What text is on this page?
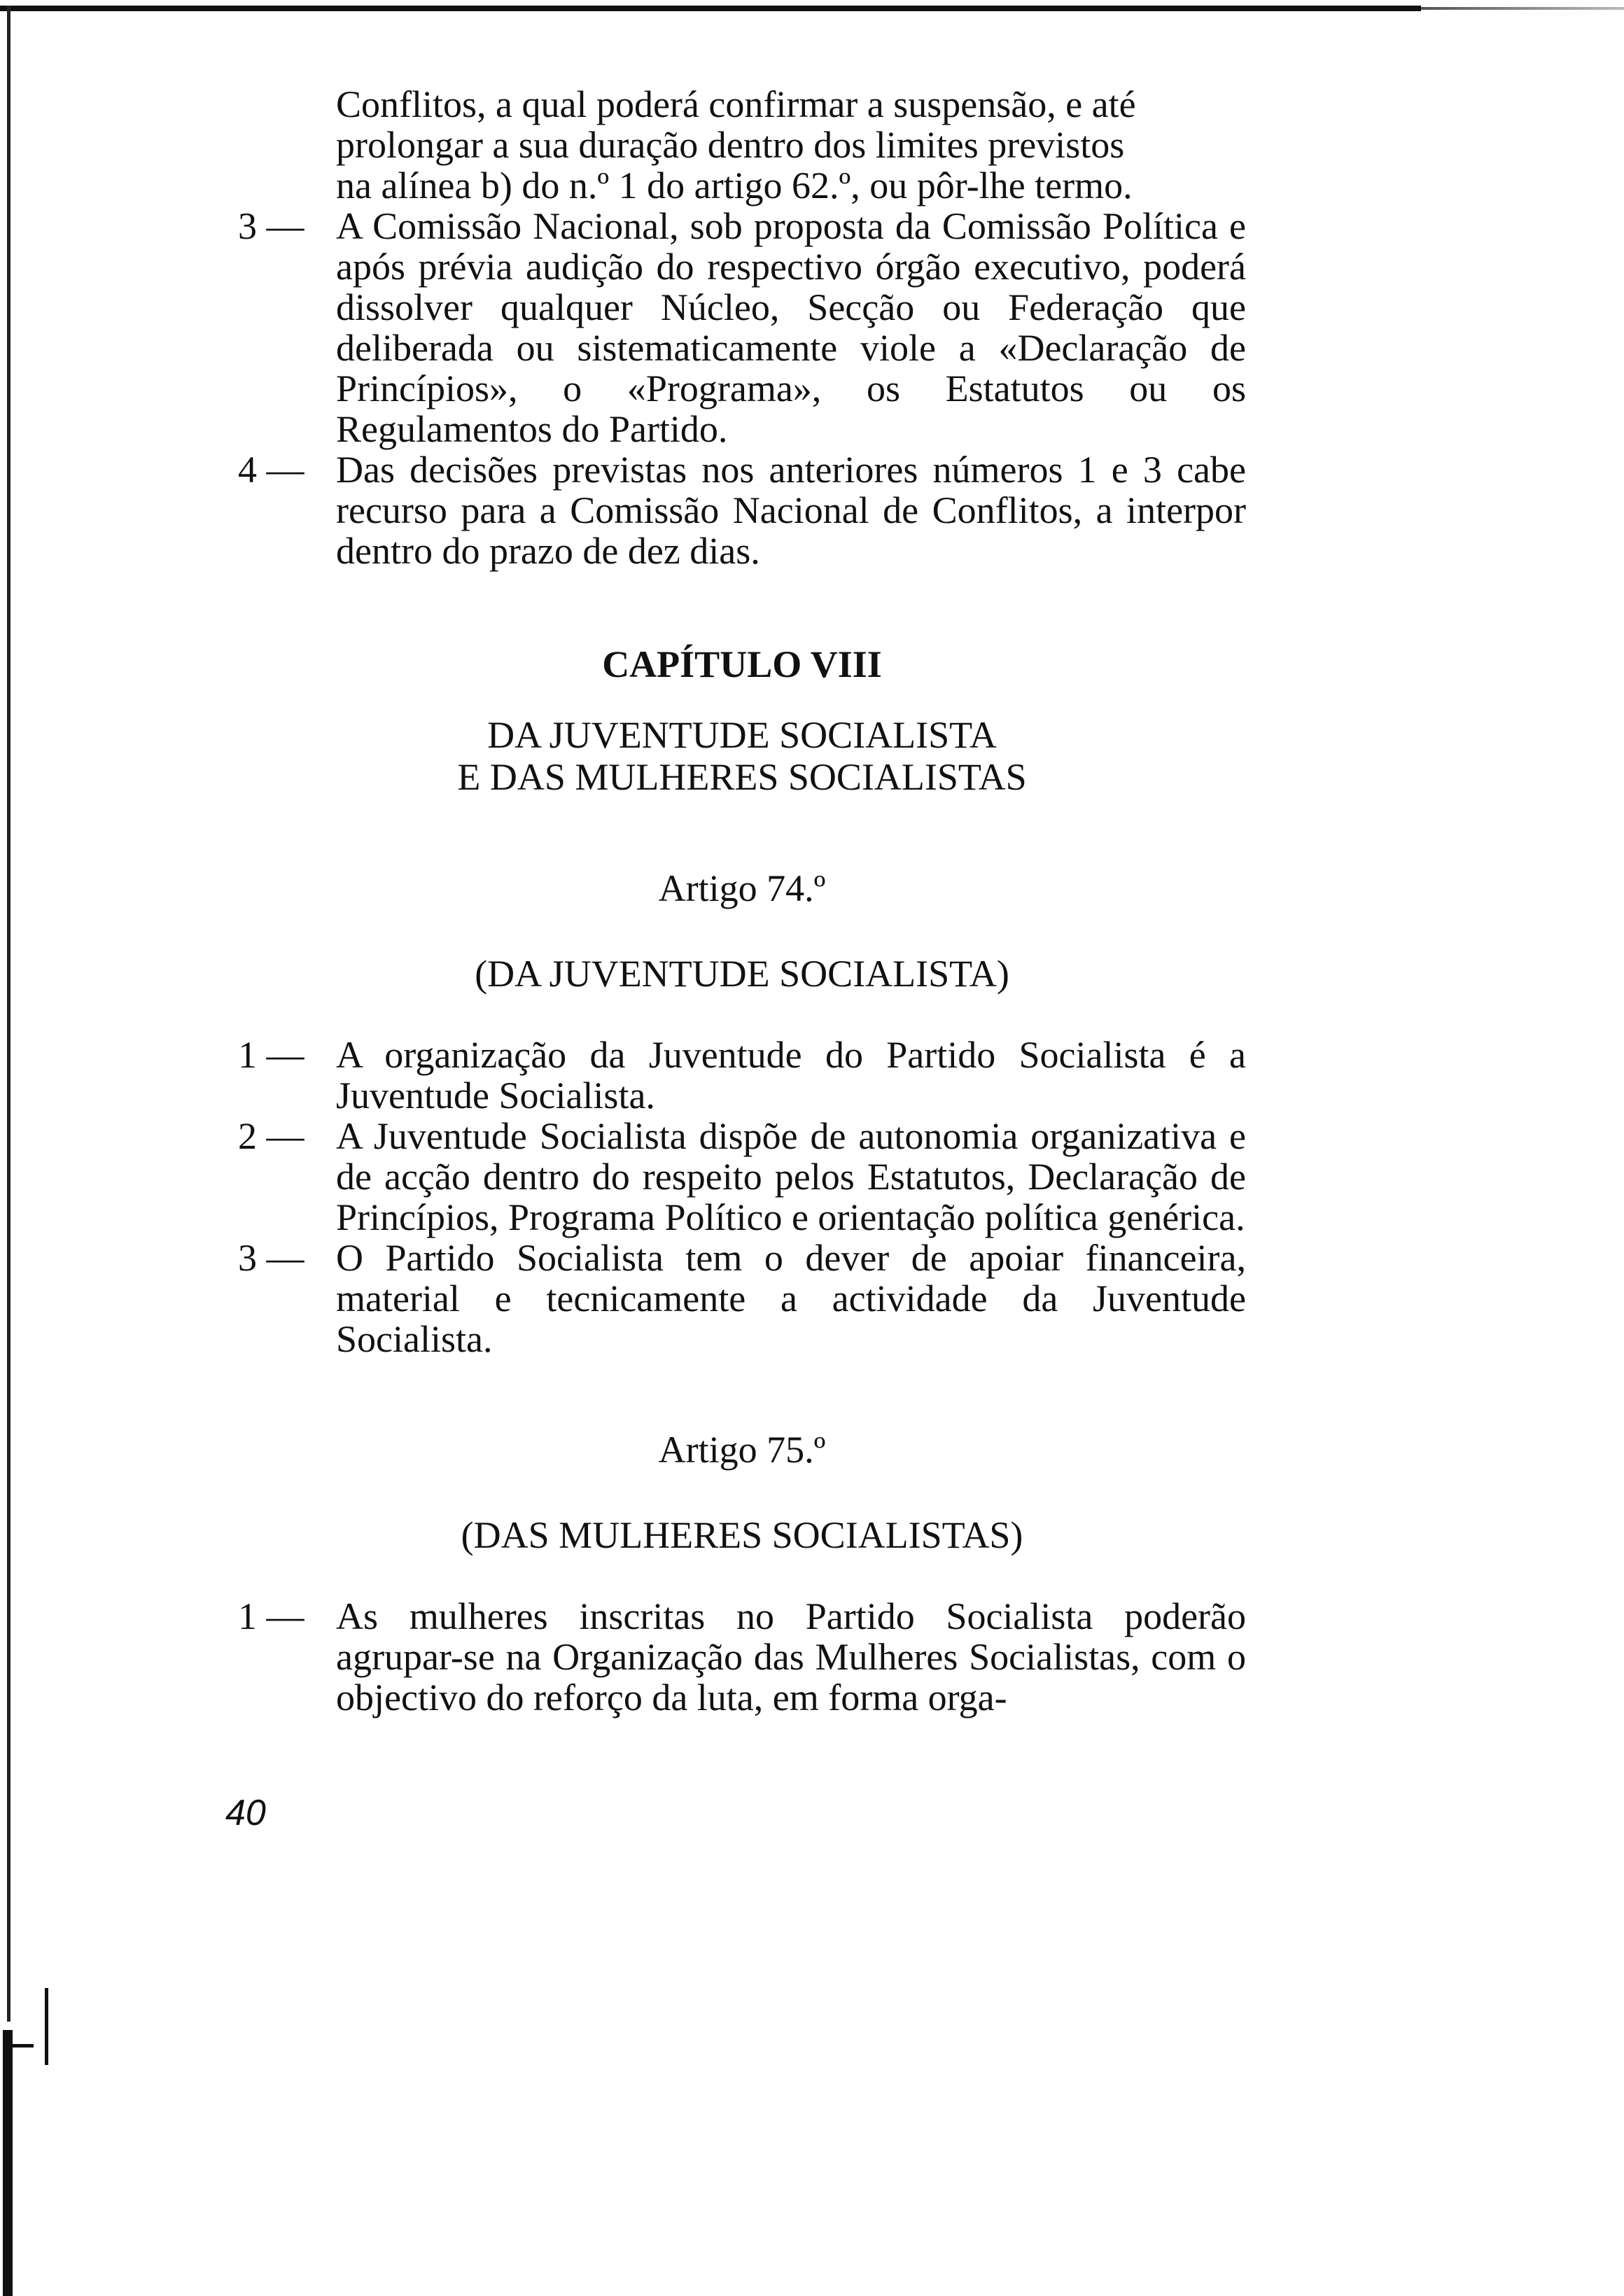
Conflitos, a qual poderá confirmar a suspensão, e até
prolongar a sua duração dentro dos limites previstos
na alínea b) do n.º 1 do artigo 62.º, ou pôr-lhe termo.
3 — A Comissão Nacional, sob proposta da Comissão Política e após prévia audição do respectivo órgão executivo, poderá dissolver qualquer Núcleo, Secção ou Federação que deliberada ou sistematicamente viole a «Declaração de Princípios», o «Programa», os Estatutos ou os Regulamentos do Partido.
4 — Das decisões previstas nos anteriores números 1 e 3 cabe recurso para a Comissão Nacional de Conflitos, a interpor dentro do prazo de dez dias.
CAPÍTULO VIII
DA JUVENTUDE SOCIALISTA
E DAS MULHERES SOCIALISTAS
Artigo 74.º
(DA JUVENTUDE SOCIALISTA)
1 — A organização da Juventude do Partido Socialista é a Juventude Socialista.
2 — A Juventude Socialista dispõe de autonomia organizativa e de acção dentro do respeito pelos Estatutos, Declaração de Princípios, Programa Político e orientação política genérica.
3 — O Partido Socialista tem o dever de apoiar financeira, material e tecnicamente a actividade da Juventude Socialista.
Artigo 75.º
(DAS MULHERES SOCIALISTAS)
1 — As mulheres inscritas no Partido Socialista poderão agrupar-se na Organização das Mulheres Socialistas, com o objectivo do reforço da luta, em forma orga-
40
